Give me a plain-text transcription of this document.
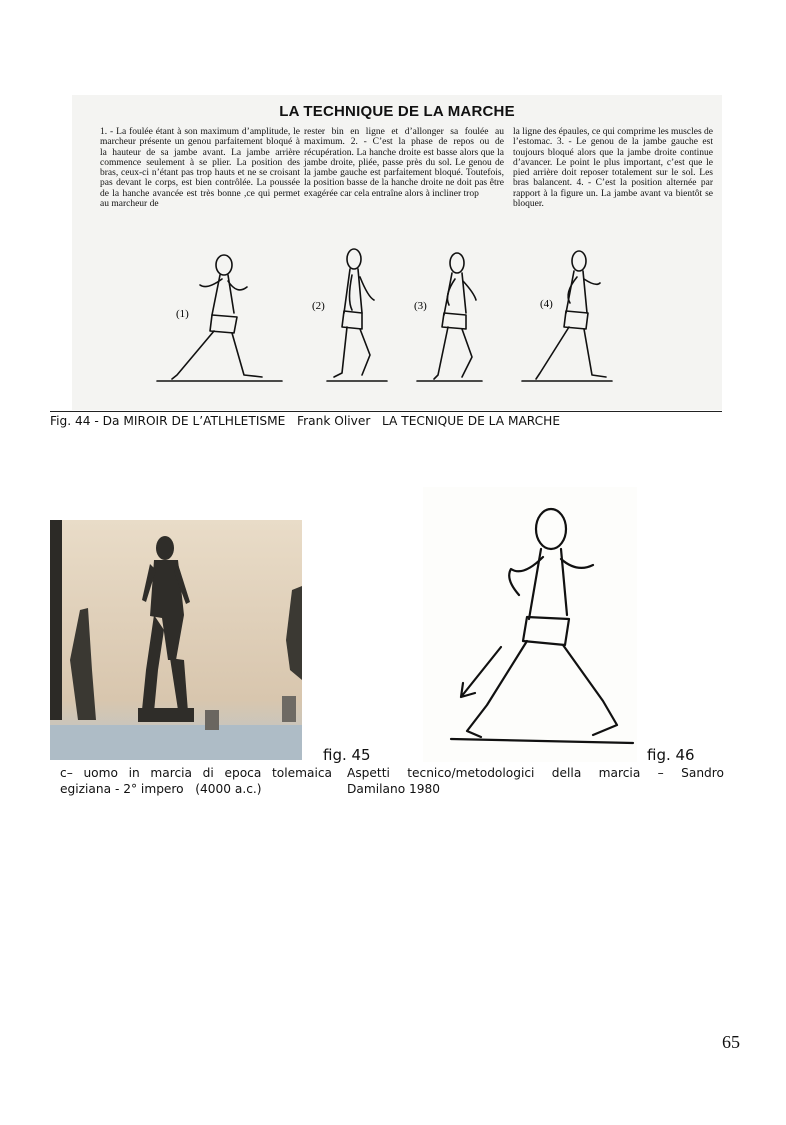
LA TECHNIQUE DE LA MARCHE

1. - La foulée étant à son maximum d’amplitude, le marcheur présente un genou parfaitement bloqué à la hauteur de sa jambe avant. La jambe arrière commence seulement à se plier. La position des bras, ceux-ci n’étant pas trop hauts et ne se croisant pas devant le corps, est bien contrôlée. La poussée de la hanche avancée est très bonne ,ce qui permet au marcheur de

rester bin en ligne et d’allonger sa foulée au maximum. 2. - C’est la phase de repos ou de récupération. La hanche droite est basse alors que la jambe droite, pliée, passe près du sol. Le genou de la jambe gauche est parfaitement bloqué. Toutefois, la position basse de la hanche droite ne doit pas être exagérée car cela entraîne alors à incliner trop

la ligne des épaules, ce qui comprime les muscles de l’estomac. 3. - Le genou de la jambe gauche est toujours bloqué alors que la jambe droite continue d’avancer. Le point le plus important, c’est que le pied arrière doit reposer totalement sur le sol. Les bras balancent. 4. - C’est la position alternée par rapport à la figure un. La jambe avant va bientôt se bloquer.

(1)
(2)	(3)	(4)
Fig. 44 - Da MIROIR DE L’ATLHLETISME   Frank Oliver   LA TECNIQUE DE LA MARCHE
fig. 45	fig. 46
c– uomo in marcia di epoca tolemaica
egiziana - 2° impero   (4000 a.c.)
Aspetti tecnico/metodologici della marcia – Sandro
Damilano 1980
65
